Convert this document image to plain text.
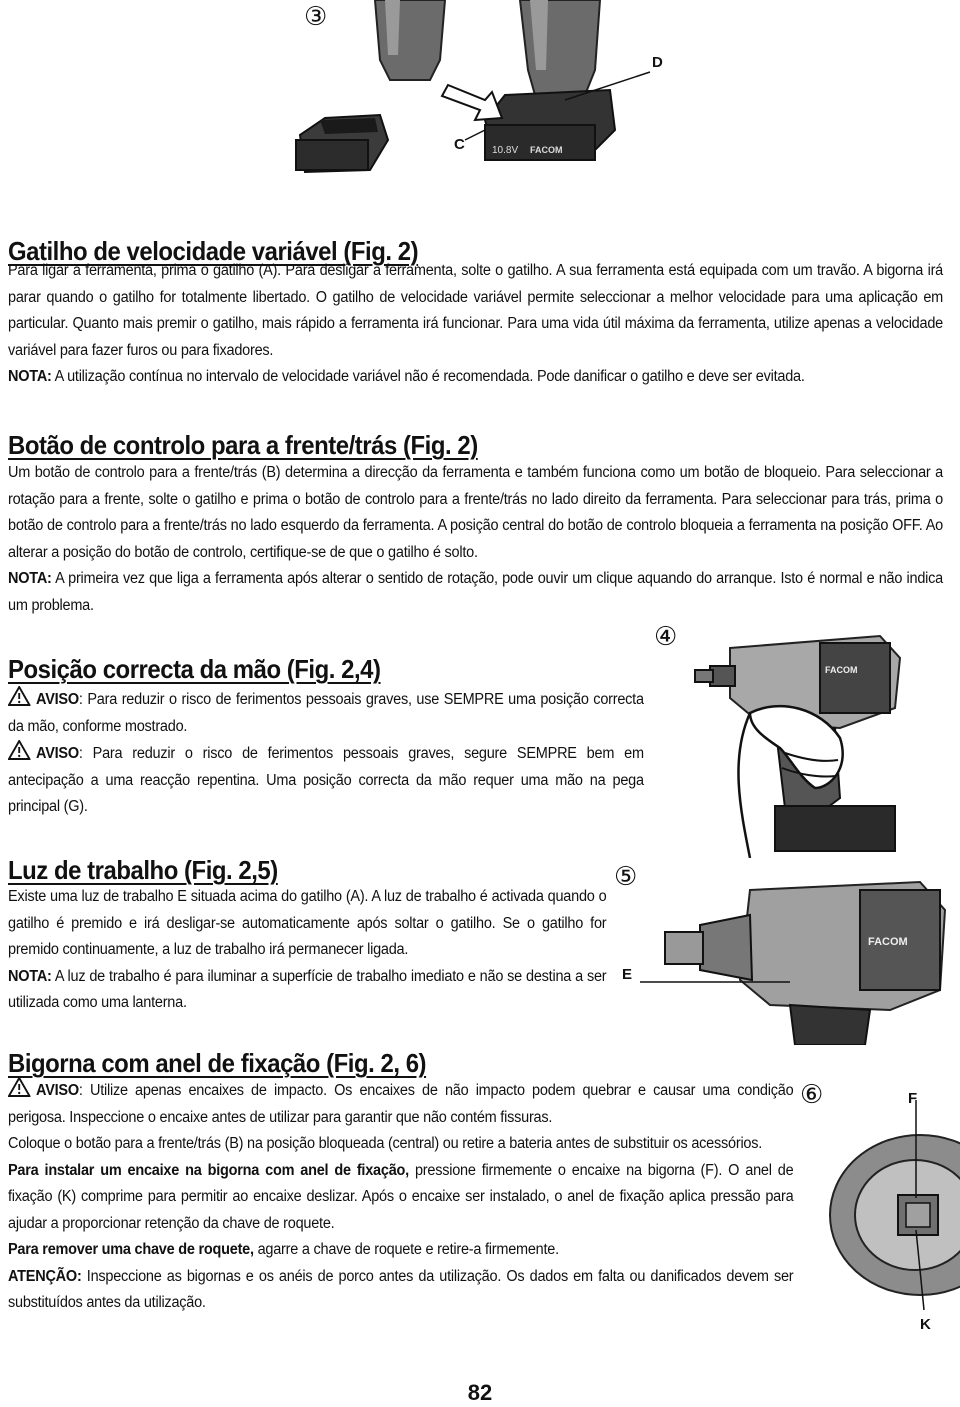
③
10.8V FACOM
D
C
Gatilho de velocidade variável (Fig. 2)

Para ligar a ferramenta, prima o gatilho (A). Para desligar a ferramenta, solte o gatilho. A sua ferramenta está equipada com um travão. A bigorna irá parar quando o gatilho for totalmente libertado. O gatilho de velocidade variável permite seleccionar a melhor velocidade para uma aplicação em particular. Quanto mais premir o gatilho, mais rápido a ferramenta irá funcionar. Para uma vida útil máxima da ferramenta, utilize apenas a velocidade variável para fazer furos ou para fixadores.

NOTA: A utilização contínua no intervalo de velocidade variável não é recomendada. Pode danificar o gatilho e deve ser evitada.

Botão de controlo para a frente/trás (Fig. 2)

Um botão de controlo para a frente/trás (B) determina a direcção da ferramenta e também funciona como um botão de bloqueio. Para seleccionar a rotação para a frente, solte o gatilho e prima o botão de controlo para a frente/trás no lado direito da ferramenta. Para seleccionar para trás, prima o botão de controlo para a frente/trás no lado esquerdo da ferramenta. A posição central do botão de controlo bloqueia a ferramenta na posição OFF. Ao alterar a posição do botão de controlo, certifique-se de que o gatilho é solto.

NOTA: A primeira vez que liga a ferramenta após alterar o sentido de rotação, pode ouvir um clique aquando do arranque. Isto é normal e não indica um problema.

④
FACOM
Posição correcta da mão (Fig. 2,4)

AVISO: Para reduzir o risco de ferimentos pessoais graves, use SEMPRE uma posição correcta da mão, conforme mostrado.

AVISO: Para reduzir o risco de ferimentos pessoais graves, segure SEMPRE bem em antecipação a uma reacção repentina. Uma posição correcta da mão requer uma mão na pega principal (G).

⑤
FACOM
E
Luz de trabalho (Fig. 2,5)

Existe uma luz de trabalho E situada acima do gatilho (A). A luz de trabalho é activada quando o gatilho é premido e irá desligar-se automaticamente após soltar o gatilho. Se o gatilho for premido continuamente, a luz de trabalho irá permanecer ligada.

NOTA: A luz de trabalho é para iluminar a superfície de trabalho imediato e não se destina a ser utilizada como uma lanterna.

⑥	F
K
Bigorna com anel de fixação (Fig. 2, 6)

AVISO: Utilize apenas encaixes de impacto. Os encaixes de não impacto podem quebrar e causar uma condição perigosa. Inspeccione o encaixe antes de utilizar para garantir que não contém fissuras.

Coloque o botão para a frente/trás (B) na posição bloqueada (central) ou retire a bateria antes de substituir os acessórios.

Para instalar um encaixe na bigorna com anel de fixação, pressione firmemente o encaixe na bigorna (F). O anel de fixação (K) comprime para permitir ao encaixe deslizar. Após o encaixe ser instalado, o anel de fixação aplica pressão para ajudar a proporcionar retenção da chave de roquete.

Para remover uma chave de roquete, agarre a chave de roquete e retire-a firmemente.

ATENÇÃO: Inspeccione as bigornas e os anéis de porco antes da utilização. Os dados em falta ou danificados devem ser substituídos antes da utilização.

82
